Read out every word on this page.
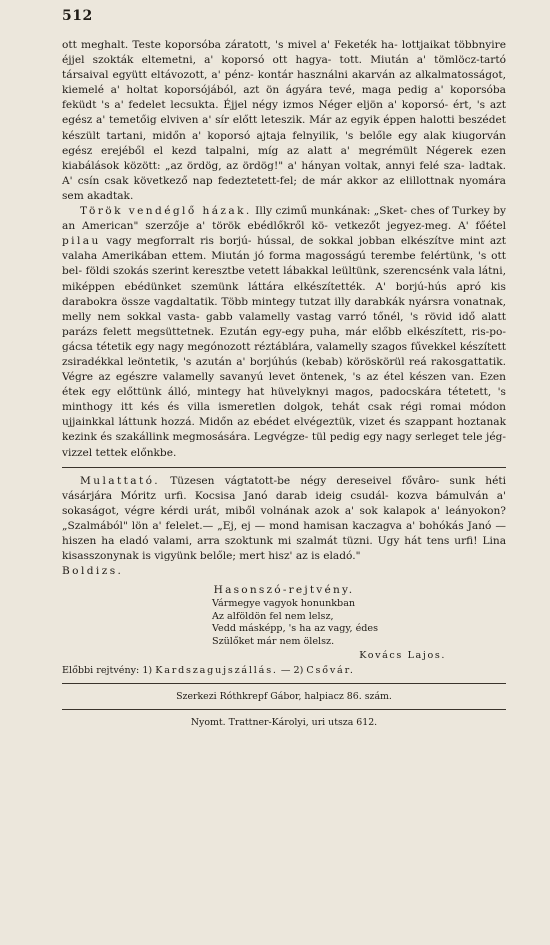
512

ott meghalt. Teste koporsóba záratott, 's mivel a' Feketék ha- lottjaikat többnyire éjjel szokták eltemetni, a' koporsó ott hagya- tott. Miután a' tömlöcz-tartó társaival együtt eltávozott, a' pénz- kontár használni akarván az alkalmatosságot, kiemelé a' holtat koporsójából, azt ön ágyára tevé, maga pedig a' koporsóba feküdt 's a' fedelet lecsukta. Éjjel négy izmos Néger eljön a' koporsó- ért, 's azt egész a' temetőig elviven a' sír előtt leteszik. Már az egyik éppen halotti beszédet készült tartani, midőn a' koporsó ajtaja felnyilik, 's belőle egy alak kiugorván egész erejéből el kezd talpalni, míg az alatt a' megrémült Négerek ezen kiabálások között: „az ördög, az ördög!" a' hányan voltak, annyi felé sza- ladtak. A' csín csak következő nap fedeztetett-fel; de már akkor az elillottnak nyomára sem akadtak.

Török vendéglő házak. Illy czimű munkának: „Sket- ches of Turkey by an American" szerzője a' török ebédlőkről kö- vetkezőt jegyez-meg. A' főétel pilau vagy megforralt ris borjú- hússal, de sokkal jobban elkészítve mint azt valaha Amerikában ettem. Miután jó forma magosságú terembe felértünk, 's ott bel- földi szokás szerint keresztbe vetett lábakkal leültünk, szerencsénk vala látni, miképpen ebédünket szemünk láttára elkészítették. A' borjú-hús apró kis darabokra össze vagdaltatik. Több mintegy tutzat illy darabkák nyársra vonatnak, melly nem sokkal vasta- gabb valamelly vastag varró tőnél, 's rövid idő alatt parázs felett megsüttetnek. Ezután egy-egy puha, már előbb elkészített, ris-po- gácsa tétetik egy nagy megónozott réztáblára, valamelly szagos fűvekkel készített zsiradékkal leöntetik, 's azután a' borjúhús (kebab) köröskörül reá rakosgattatik. Végre az egészre valamelly savanyú levet öntenek, 's az étel készen van. Ezen étek egy előttünk álló, mintegy hat hüvelyknyi magos, padocskára tétetett, 's minthogy itt kés és villa ismeretlen dolgok, tehát csak régi romai módon ujjainkkal láttunk hozzá. Midőn az ebédet elvégeztük, vizet és szappant hoztanak kezink és szakállink megmosására. Legvégze- tül pedig egy nagy serleget tele jég-vizzel tettek előnkbe.

Mulattató. Tüzesen vágtatott-be négy dereseivel fővâro- sunk héti vásárjára Móritz urfi. Kocsisa Janó darab ideig csudál- kozva bámulván a' sokaságot, végre kérdi urát, miből volnának azok a' sok kalapok a' leányokon? „Szalmából" lön a' felelet.— „Ej, ej — mond hamisan kaczagva a' bohókás Janó — hiszen ha eladó valami, arra szoktunk mi szalmát tüzni. Ugy hát tens urfi! Lina kisasszonynak is vigyünk belőle; mert hisz' az is eladó."

Boldizs.

Hasonszó-rejtvény.
Vármegye vagyok honunkban
Az alföldön fel nem lelsz,
Vedd másképp, 's ha az vagy, édes
Szülőket már nem ölelsz.
Kovács Lajos.
Előbbi rejtvény: 1) Kardszagujszállás. — 2) Csővár.
Szerkezi Róthkrepf Gábor, halpiacz 86. szám.
Nyomt. Trattner-Károlyi, uri utsza 612.
